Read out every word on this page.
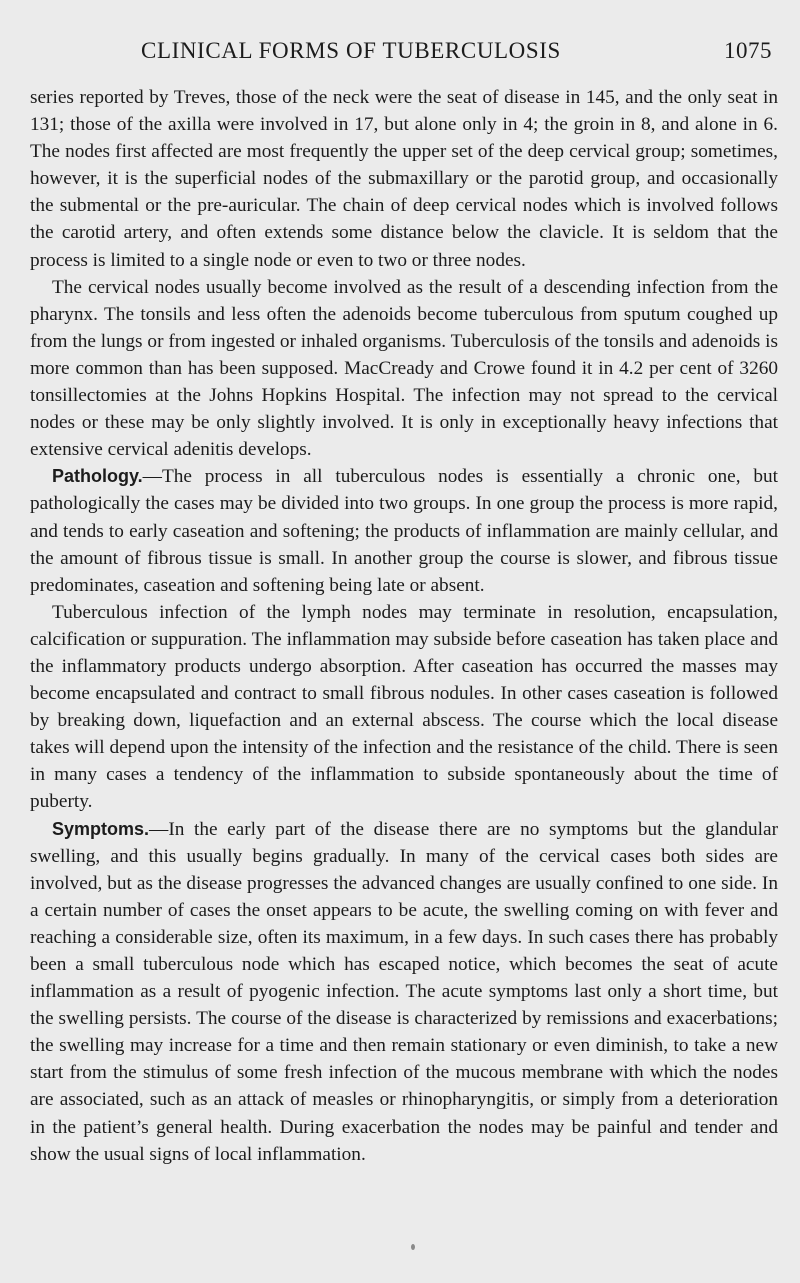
CLINICAL FORMS OF TUBERCULOSIS	1075

series reported by Treves, those of the neck were the seat of disease in 145, and the only seat in 131; those of the axilla were involved in 17, but alone only in 4; the groin in 8, and alone in 6. The nodes first affected are most frequently the upper set of the deep cervical group; sometimes, however, it is the superficial nodes of the submaxillary or the parotid group, and occasionally the submental or the pre-auricular. The chain of deep cervical nodes which is involved follows the carotid artery, and often extends some distance below the clavicle. It is seldom that the process is limited to a single node or even to two or three nodes.

The cervical nodes usually become involved as the result of a descending infection from the pharynx. The tonsils and less often the adenoids become tuberculous from sputum coughed up from the lungs or from ingested or inhaled organisms. Tuberculosis of the tonsils and adenoids is more common than has been supposed. MacCready and Crowe found it in 4.2 per cent of 3260 tonsillectomies at the Johns Hopkins Hospital. The infection may not spread to the cervical nodes or these may be only slightly involved. It is only in exceptionally heavy infections that extensive cervical adenitis develops.

Pathology.—The process in all tuberculous nodes is essentially a chronic one, but pathologically the cases may be divided into two groups. In one group the process is more rapid, and tends to early caseation and softening; the products of inflammation are mainly cellular, and the amount of fibrous tissue is small. In another group the course is slower, and fibrous tissue predominates, caseation and softening being late or absent.

Tuberculous infection of the lymph nodes may terminate in resolution, encapsulation, calcification or suppuration. The inflammation may subside before caseation has taken place and the inflammatory products undergo absorption. After caseation has occurred the masses may become encapsulated and contract to small fibrous nodules. In other cases caseation is followed by breaking down, liquefaction and an external abscess. The course which the local disease takes will depend upon the intensity of the infection and the resistance of the child. There is seen in many cases a tendency of the inflammation to subside spontaneously about the time of puberty.

Symptoms.—In the early part of the disease there are no symptoms but the glandular swelling, and this usually begins gradually. In many of the cervical cases both sides are involved, but as the disease progresses the advanced changes are usually confined to one side. In a certain number of cases the onset appears to be acute, the swelling coming on with fever and reaching a considerable size, often its maximum, in a few days. In such cases there has probably been a small tuberculous node which has escaped notice, which becomes the seat of acute inflammation as a result of pyogenic infection. The acute symptoms last only a short time, but the swelling persists. The course of the disease is characterized by remissions and exacerbations; the swelling may increase for a time and then remain stationary or even diminish, to take a new start from the stimulus of some fresh infection of the mucous membrane with which the nodes are associated, such as an attack of measles or rhinopharyngitis, or simply from a deterioration in the patient’s general health. During exacerbation the nodes may be painful and tender and show the usual signs of local inflammation.
